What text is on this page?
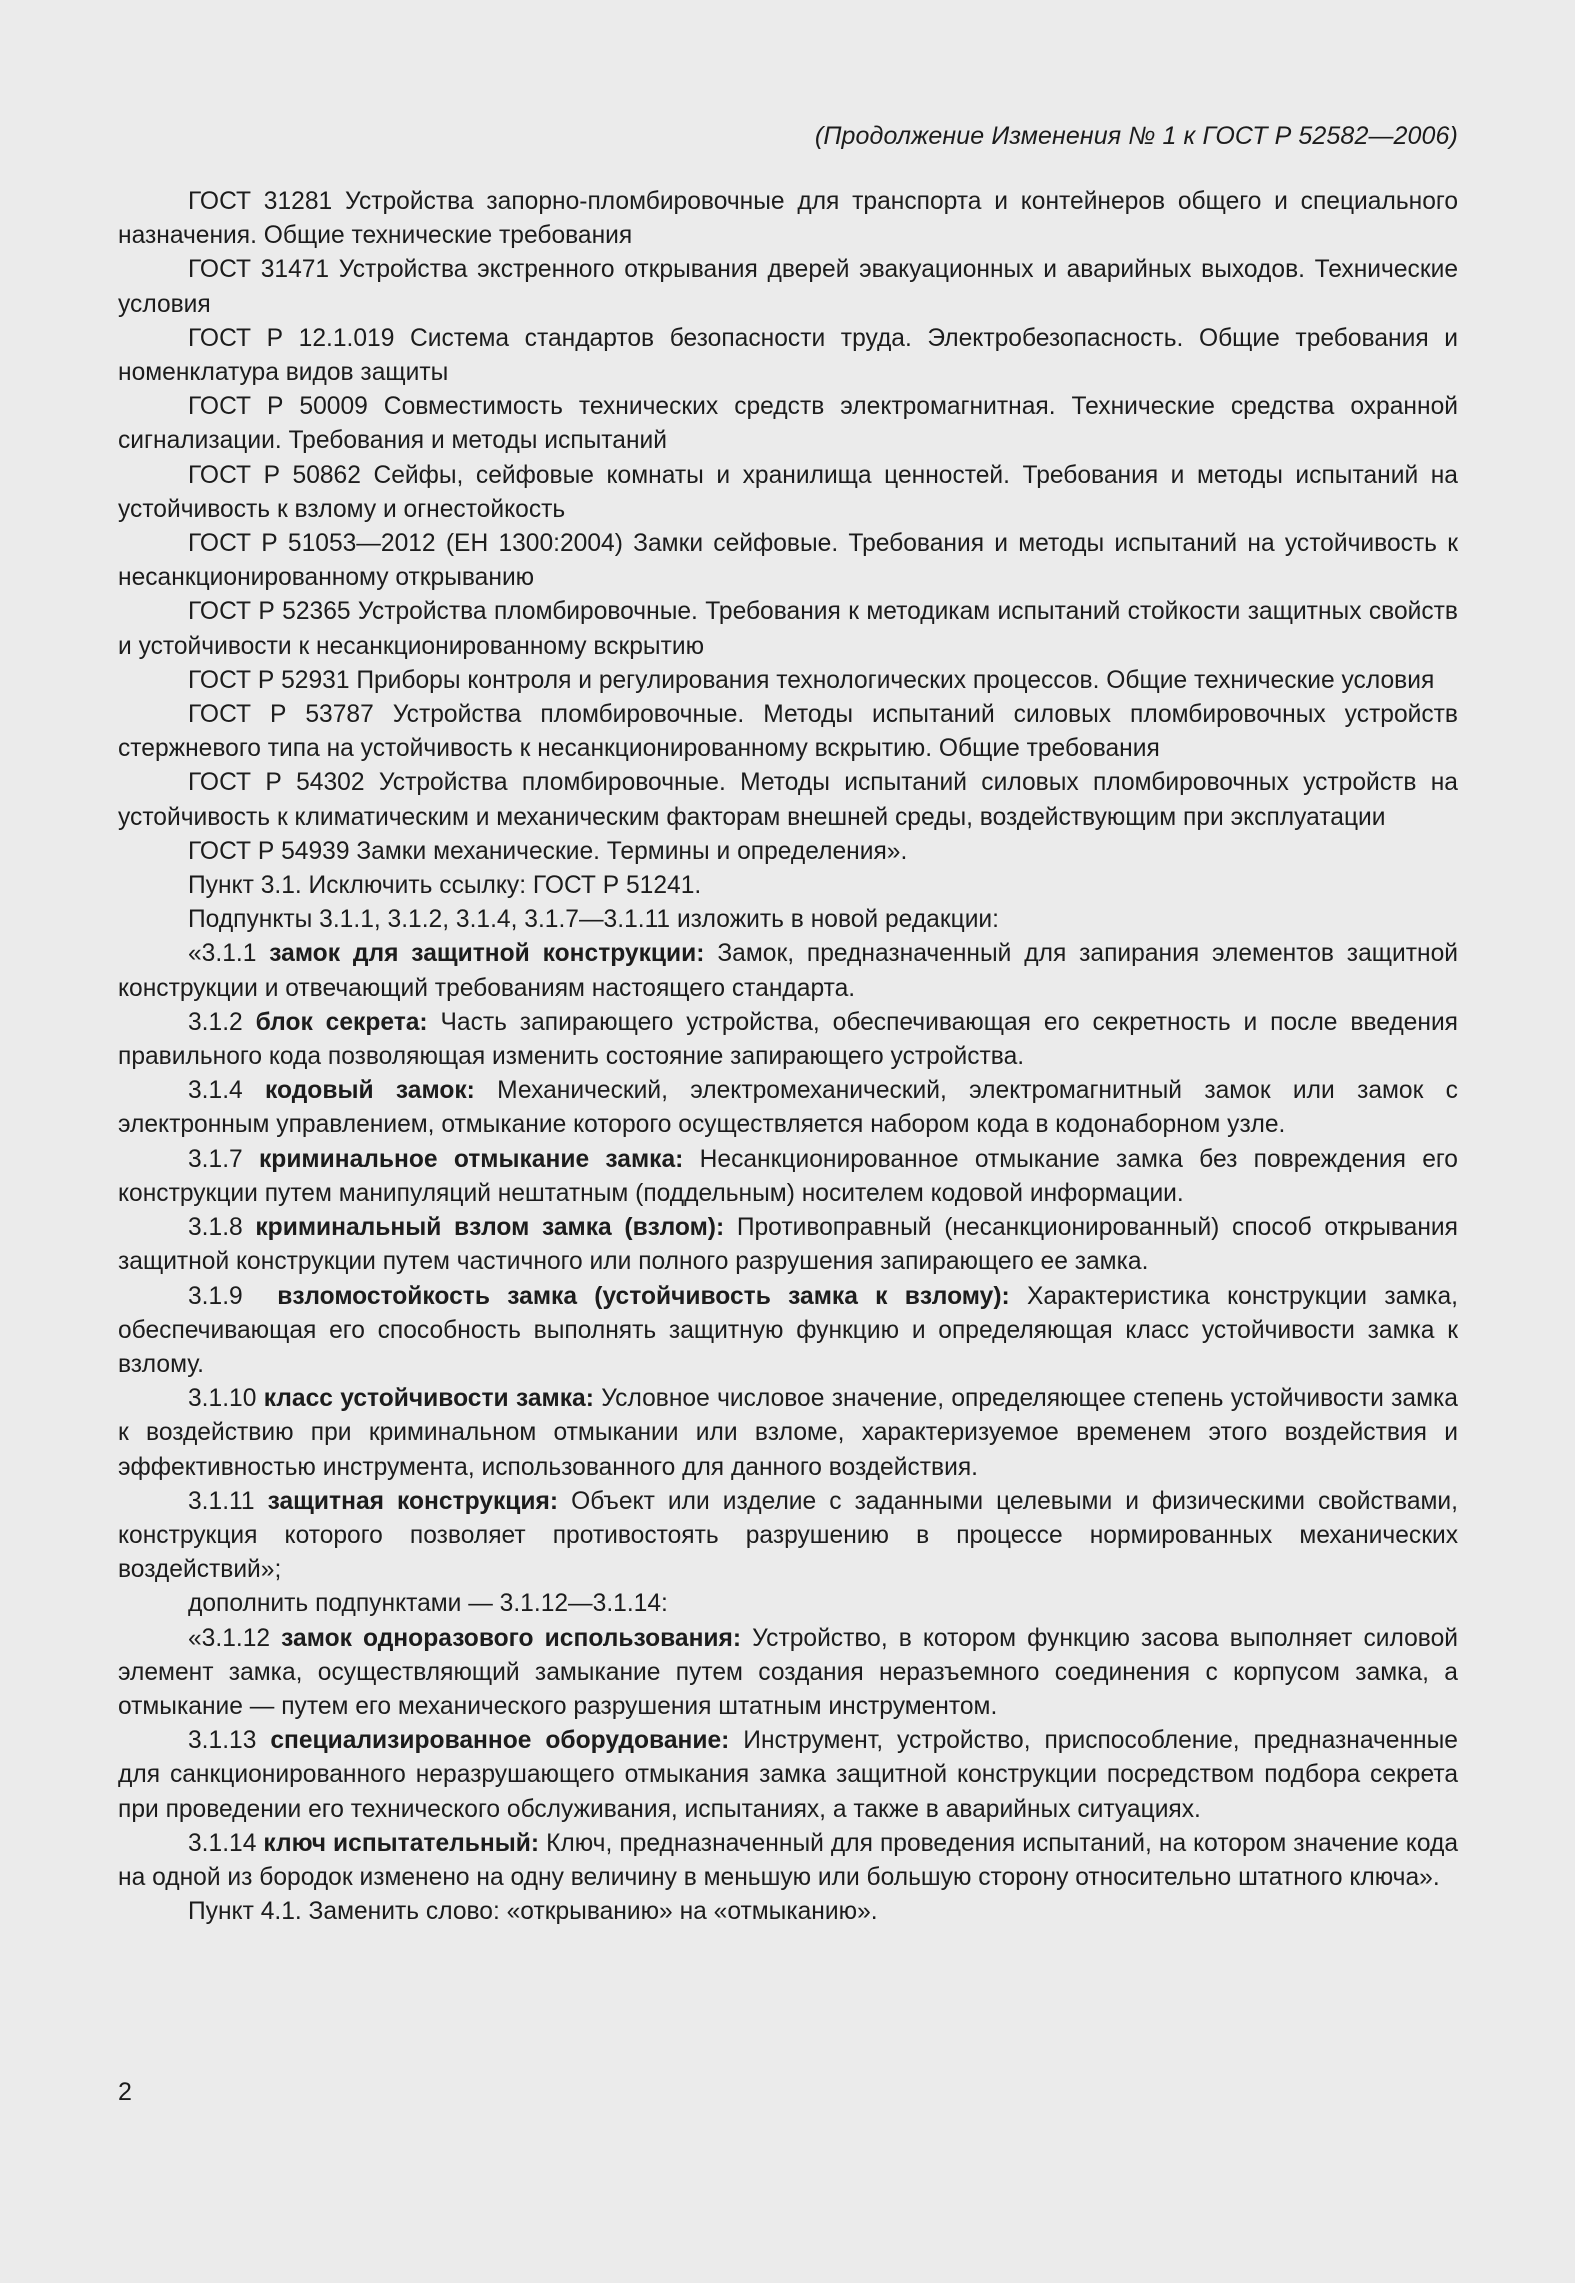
(Продолжение Изменения № 1 к ГОСТ Р 52582—2006)

ГОСТ 31281 Устройства запорно-пломбировочные для транспорта и контейнеров общего и специального назначения. Общие технические требования

ГОСТ 31471 Устройства экстренного открывания дверей эвакуационных и аварийных выходов. Технические условия

ГОСТ Р 12.1.019 Система стандартов безопасности труда. Электробезопасность. Общие требования и номенклатура видов защиты

ГОСТ Р 50009 Совместимость технических средств электромагнитная. Технические средства охранной сигнализации. Требования и методы испытаний

ГОСТ Р 50862 Сейфы, сейфовые комнаты и хранилища ценностей. Требования и методы испытаний на устойчивость к взлому и огнестойкость

ГОСТ Р 51053—2012 (ЕН 1300:2004) Замки сейфовые. Требования и методы испытаний на устойчивость к несанкционированному открыванию

ГОСТ Р 52365 Устройства пломбировочные. Требования к методикам испытаний стойкости защитных свойств и устойчивости к несанкционированному вскрытию

ГОСТ Р 52931 Приборы контроля и регулирования технологических процессов. Общие технические условия

ГОСТ Р 53787 Устройства пломбировочные. Методы испытаний силовых пломбировочных устройств стержневого типа на устойчивость к несанкционированному вскрытию. Общие требования

ГОСТ Р 54302 Устройства пломбировочные. Методы испытаний силовых пломбировочных устройств на устойчивость к климатическим и механическим факторам внешней среды, воздействующим при эксплуатации

ГОСТ Р 54939 Замки механические. Термины и определения».

Пункт 3.1. Исключить ссылку: ГОСТ Р 51241.

Подпункты 3.1.1, 3.1.2, 3.1.4, 3.1.7—3.1.11 изложить в новой редакции:

«3.1.1 замок для защитной конструкции: Замок, предназначенный для запирания элементов защитной конструкции и отвечающий требованиям настоящего стандарта.

3.1.2 блок секрета: Часть запирающего устройства, обеспечивающая его секретность и после введения правильного кода позволяющая изменить состояние запирающего устройства.

3.1.4 кодовый замок: Механический, электромеханический, электромагнитный замок или замок с электронным управлением, отмыкание которого осуществляется набором кода в кодонаборном узле.

3.1.7 криминальное отмыкание замка: Несанкционированное отмыкание замка без повреждения его конструкции путем манипуляций нештатным (поддельным) носителем кодовой информации.

3.1.8 криминальный взлом замка (взлом): Противоправный (несанкционированный) способ открывания защитной конструкции путем частичного или полного разрушения запирающего ее замка.

3.1.9  взломостойкость замка (устойчивость замка к взлому): Характеристика конструкции замка, обеспечивающая его способность выполнять защитную функцию и определяющая класс устойчивости замка к взлому.

3.1.10 класс устойчивости замка: Условное числовое значение, определяющее степень устойчивости замка к воздействию при криминальном отмыкании или взломе, характеризуемое временем этого воздействия и эффективностью инструмента, использованного для данного воздействия.

3.1.11 защитная конструкция: Объект или изделие с заданными целевыми и физическими свойствами, конструкция которого позволяет противостоять разрушению в процессе нормированных механических воздействий»;

дополнить подпунктами — 3.1.12—3.1.14:

«3.1.12 замок одноразового использования: Устройство, в котором функцию засова выполняет силовой элемент замка, осуществляющий замыкание путем создания неразъемного соединения с корпусом замка, а отмыкание — путем его механического разрушения штатным инструментом.

3.1.13 специализированное оборудование: Инструмент, устройство, приспособление, предназначенные для санкционированного неразрушающего отмыкания замка защитной конструкции посредством подбора секрета при проведении его технического обслуживания, испытаниях, а также в аварийных ситуациях.

3.1.14 ключ испытательный: Ключ, предназначенный для проведения испытаний, на котором значение кода на одной из бородок изменено на одну величину в меньшую или большую сторону относительно штатного ключа».

Пункт 4.1. Заменить слово: «открыванию» на «отмыканию».

2
